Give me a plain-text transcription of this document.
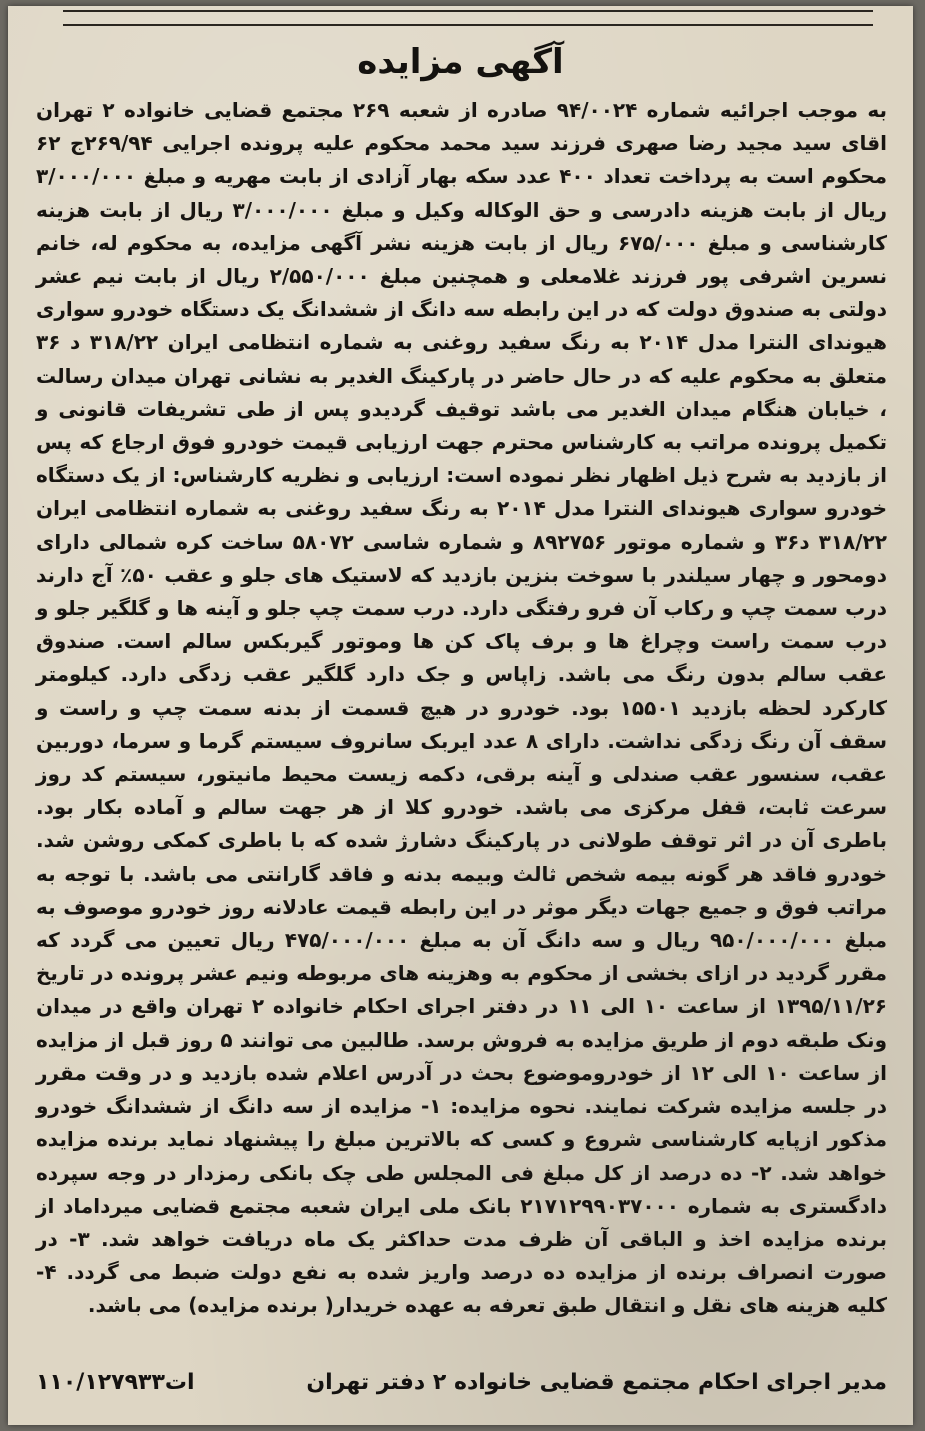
آگهی مزایده

به موجب اجرائیه شماره ۹۴/۰۰۲۴ صادره از شعبه ۲۶۹ مجتمع قضایی خانواده ۲ تهران اقای سید مجید رضا صهری فرزند سید محمد محکوم علیه پرونده اجرایی ۲۶۹/۹۴ج ۶۲ محکوم است به پرداخت تعداد ۴۰۰ عدد سکه بهار آزادی از بابت مهریه و مبلغ ۳/۰۰۰/۰۰۰ ریال از بابت هزینه دادرسی و حق الوکاله وکیل و مبلغ ۳/۰۰۰/۰۰۰ ریال از بابت هزینه کارشناسی و مبلغ ۶۷۵/۰۰۰ ریال از بابت هزینه نشر آگهی مزایده، به محکوم له، خانم نسرین اشرفی پور فرزند غلامعلی و همچنین مبلغ ۲/۵۵۰/۰۰۰ ریال از بابت نیم عشر دولتی به صندوق دولت که در این رابطه سه دانگ از ششدانگ یک دستگاه خودرو سواری هیوندای النترا مدل ۲۰۱۴ به رنگ سفید روغنی به شماره انتظامی ایران ۳۱۸/۲۲ د ۳۶ متعلق به محکوم علیه که در حال حاضر در پارکینگ الغدیر به نشانی تهران میدان رسالت ، خیابان هنگام میدان الغدیر می باشد توقیف گردیدو پس از طی تشریفات قانونی و تکمیل پرونده مراتب به کارشناس محترم جهت ارزیابی قیمت خودرو فوق ارجاع که پس از بازدید به شرح ذیل اظهار نظر نموده است: ارزیابی و نظریه کارشناس: از یک دستگاه خودرو سواری هیوندای النترا مدل ۲۰۱۴ به رنگ سفید روغنی به شماره انتظامی ایران ۳۱۸/۲۲ د۳۶ و شماره موتور ۸۹۲۷۵۶ و شماره شاسی ۵۸۰۷۲ ساخت کره شمالی دارای دومحور و چهار سیلندر با سوخت بنزین بازدید که لاستیک های جلو و عقب ۵۰٪ آج دارند درب سمت چپ و رکاب آن فرو رفتگی دارد. درب سمت چپ جلو و آینه ها و گلگیر جلو و درب سمت راست وچراغ ها و برف پاک کن ها وموتور گیربکس سالم است. صندوق عقب سالم بدون رنگ می باشد. زاپاس و جک دارد گلگیر عقب زدگی دارد. کیلومتر کارکرد لحظه بازدید ۱۵۵۰۱ بود. خودرو در هیچ قسمت از بدنه سمت چپ و راست و سقف آن رنگ زدگی نداشت. دارای ۸ عدد ایربک سانروف سیستم گرما و سرما، دوربین عقب، سنسور عقب صندلی و آینه برقی، دکمه زیست محیط مانیتور، سیستم کد روز سرعت ثابت، قفل مرکزی می باشد. خودرو کلا از هر جهت سالم و آماده بکار بود. باطری آن در اثر توقف طولانی در پارکینگ دشارژ شده که با باطری کمکی روشن شد. خودرو فاقد هر گونه بیمه شخص ثالث وبیمه بدنه و فاقد گارانتی می باشد. با توجه به مراتب فوق و جمیع جهات دیگر موثر در این رابطه قیمت عادلانه روز خودرو موصوف به مبلغ ۹۵۰/۰۰۰/۰۰۰ ریال و سه دانگ آن به مبلغ ۴۷۵/۰۰۰/۰۰۰ ریال تعیین می گردد که مقرر گردید در ازای بخشی از محکوم به وهزینه های مربوطه ونیم عشر پرونده در تاریخ ۱۳۹۵/۱۱/۲۶ از ساعت ۱۰ الی ۱۱ در دفتر اجرای احکام خانواده ۲ تهران واقع در میدان ونک طبقه دوم از طریق مزایده به فروش برسد. طالبین می توانند ۵ روز قبل از مزایده از ساعت ۱۰ الی ۱۲ از خودروموضوع بحث در آدرس اعلام شده بازدید و در وقت مقرر در جلسه مزایده شرکت نمایند. نحوه مزایده: ۱- مزایده از سه دانگ از ششدانگ خودرو مذکور ازپایه کارشناسی شروع و کسی که بالاترین مبلغ را پیشنهاد نماید برنده مزایده خواهد شد. ۲- ده درصد از کل مبلغ فی المجلس طی چک بانکی رمزدار در وجه سپرده دادگستری به شماره ۲۱۷۱۲۹۹۰۳۷۰۰۰ بانک ملی ایران شعبه مجتمع قضایی میرداماد از برنده مزایده اخذ و الباقی آن ظرف مدت حداکثر یک ماه دریافت خواهد شد. ۳- در صورت انصراف برنده از مزایده ده درصد واریز شده به نفع دولت ضبط می گردد. ۴- کلیه هزینه های نقل و انتقال طبق تعرفه به عهده خریدار( برنده مزایده) می باشد.

مدیر اجرای احکام مجتمع قضایی خانواده ۲ دفتر تهران
۱۱۰/۱۲۷۹۳۳ات
